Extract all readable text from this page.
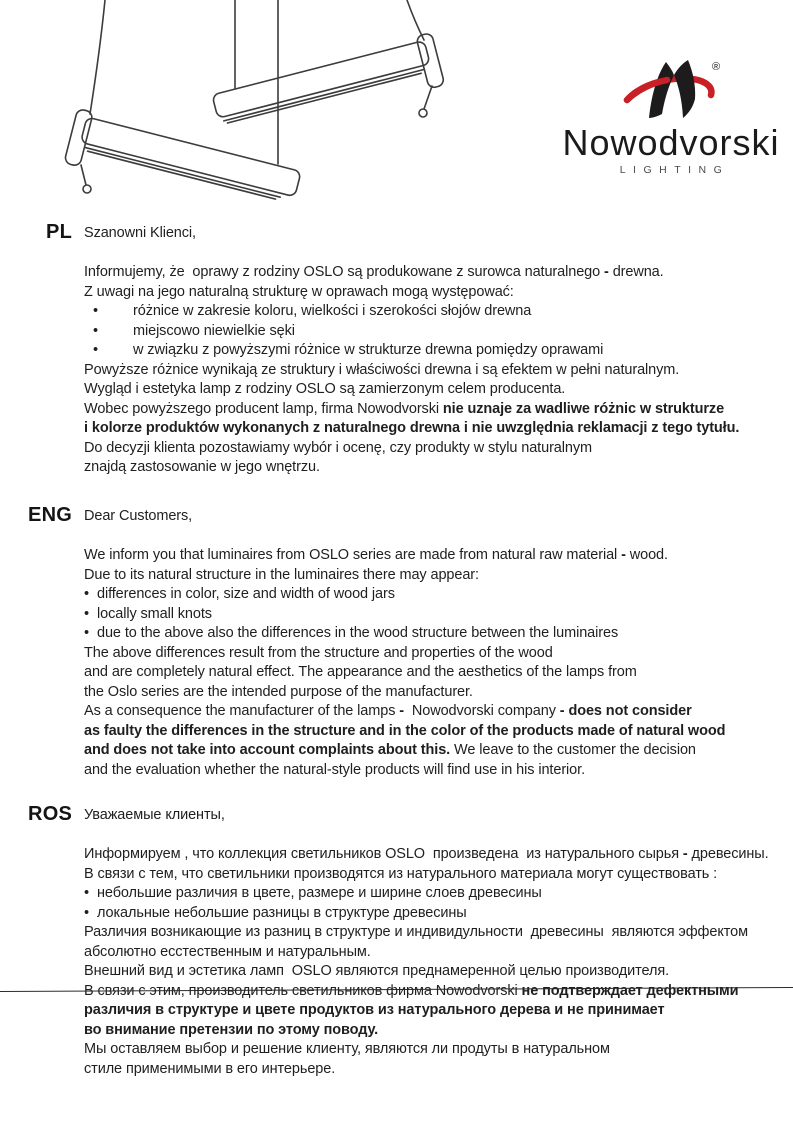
®
Nowodvorski
LIGHTING
PL Szanowni Klienci,

Informujemy, że  oprawy z rodziny OSLO są produkowane z surowca naturalnego - drewna.
Z uwagi na jego naturalną strukturę w oprawach mogą występować:
• różnice w zakresie koloru, wielkości i szerokości słojów drewna
• miejscowo niewielkie sęki
• w związku z powyższymi różnice w strukturze drewna pomiędzy oprawami
Powyższe różnice wynikają ze struktury i właściwości drewna i są efektem w pełni naturalnym.
Wygląd i estetyka lamp z rodziny OSLO są zamierzonym celem producenta.
Wobec powyższego producent lamp, firma Nowodvorski nie uznaje za wadliwe różnic w strukturze
i kolorze produktów wykonanych z naturalnego drewna i nie uwzględnia reklamacji z tego tytułu.
Do decyzji klienta pozostawiamy wybór i ocenę, czy produkty w stylu naturalnym
znajdą zastosowanie w jego wnętrzu.
ENG Dear Customers,

We inform you that luminaires from OSLO series are made from natural raw material - wood.
Due to its natural structure in the luminaires there may appear:
• differences in color, size and width of wood jars
• locally small knots
• due to the above also the differences in the wood structure between the luminaires
The above differences result from the structure and properties of the wood
and are completely natural effect. The appearance and the aesthetics of the lamps from
the Oslo series are the intended purpose of the manufacturer.
As a consequence the manufacturer of the lamps -  Nowodvorski company - does not consider
as faulty the differences in the structure and in the color of the products made of natural wood
and does not take into account complaints about this. We leave to the customer the decision
and the evaluation whether the natural-style products will find use in his interior.
ROS Уважаемые клиенты,

Информируем , что коллекция светильников OSLO  произведена  из натурального сырья - древесины.
В связи с тем, что светильники производятся из натурального материала могут существовать :
• небольшие различия в цвете, размере и ширине слоев древесины
• локальные небольшие разницы в структуре древесины
Различия возникающие из разниц в структуре и индивидульности  древесины  являются эффектом
абсолютно есстественным и натуральным.
Внешний вид и эстетика ламп  OSLO являются преднамеренной целью производителя.
В связи с этим, производитель светильников фирма Nowodvorski не подтверждает дефектными
различия в структуре и цвете продуктов из натурального дерева и не принимает
во внимание претензии по этому поводу.
Мы оставляем выбор и решение клиенту, являются ли продуты в натуральном
стиле применимыми в его интерьере.
